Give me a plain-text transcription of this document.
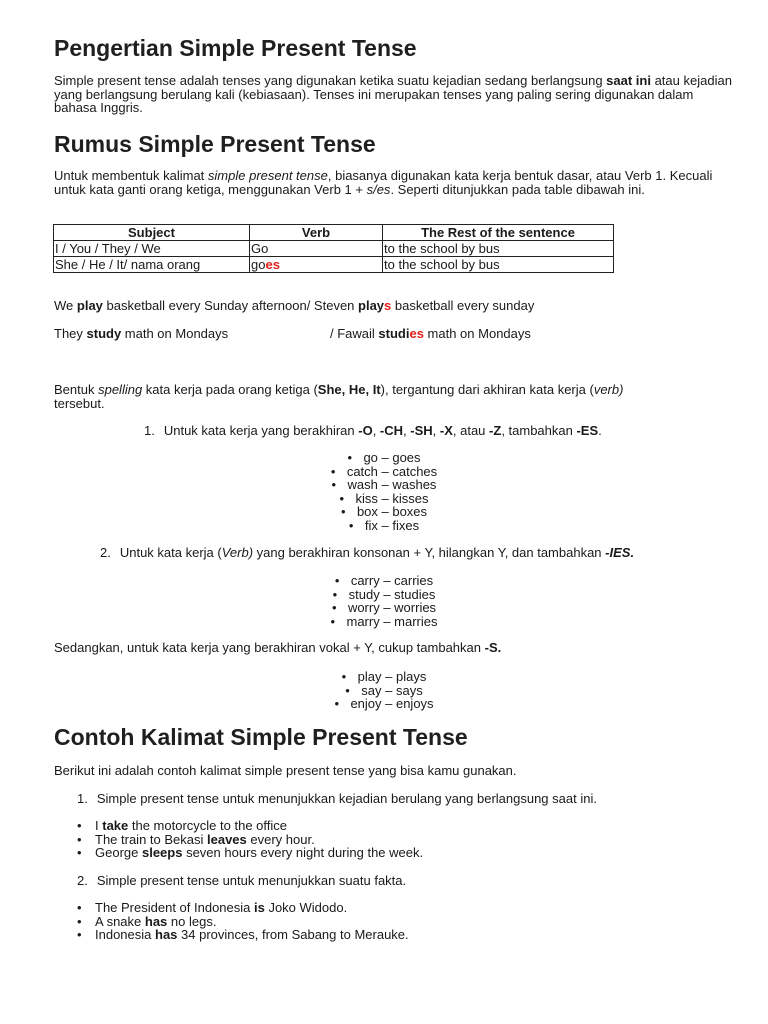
Pengertian Simple Present Tense

Simple present tense adalah tenses yang digunakan ketika suatu kejadian sedang berlangsung saat ini atau kejadian yang berlangsung berulang kali (kebiasaan). Tenses ini merupakan tenses yang paling sering digunakan dalam bahasa Inggris.

Rumus Simple Present Tense

Untuk membentuk kalimat simple present tense, biasanya digunakan kata kerja bentuk dasar, atau Verb 1. Kecuali untuk kata ganti orang ketiga, menggunakan Verb 1 + s/es. Seperti ditunjukkan pada table dibawah ini.

Subject	Verb	The Rest of the sentence
I / You / They / We	Go	to the school by bus
She / He / It/ nama orang	goes	to the school by bus

We play basketball every Sunday afternoon/ Steven plays basketball every sunday

They study math on Mondays	/ Fawail studies math on Mondays

Bentuk spelling kata kerja pada orang ketiga (She, He, It), tergantung dari akhiran kata kerja (verb) tersebut.

1. Untuk kata kerja yang berakhiran -O, -CH, -SH, -X, atau -Z, tambahkan -ES.

• go – goes
• catch – catches
• wash – washes
• kiss – kisses
• box – boxes
• fix – fixes

2. Untuk kata kerja (Verb) yang berakhiran konsonan + Y, hilangkan Y, dan tambahkan -IES.

• carry – carries
• study – studies
• worry – worries
• marry – marries

Sedangkan, untuk kata kerja yang berakhiran vokal + Y, cukup tambahkan -S.

• play – plays
• say – says
• enjoy – enjoys
Contoh Kalimat Simple Present Tense

Berikut ini adalah contoh kalimat simple present tense yang bisa kamu gunakan.

1. Simple present tense untuk menunjukkan kejadian berulang yang berlangsung saat ini.

• I take the motorcycle to the office
• The train to Bekasi leaves every hour.
• George sleeps seven hours every night during the week.

2. Simple present tense untuk menunjukkan suatu fakta.

• The President of Indonesia is Joko Widodo.
• A snake has no legs.
• Indonesia has 34 provinces, from Sabang to Merauke.
